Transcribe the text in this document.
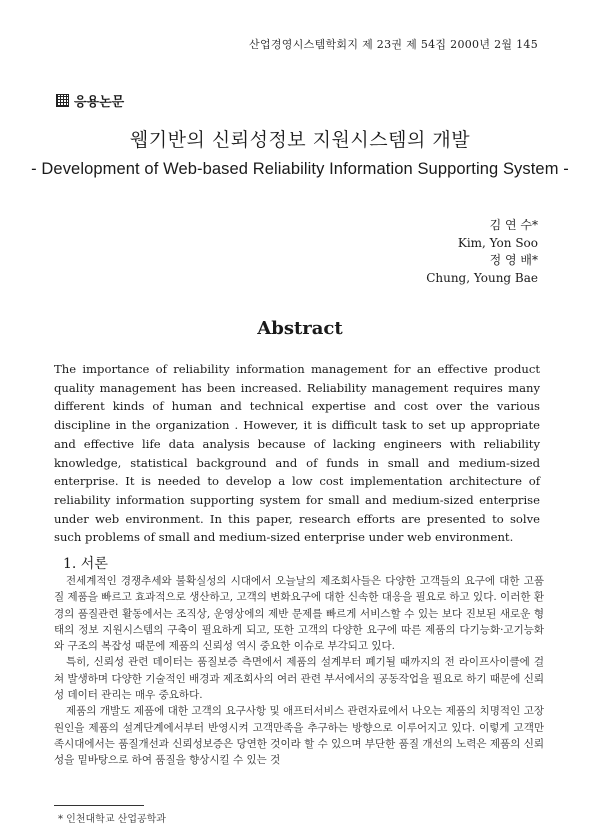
산업경영시스템학회지 제 23권 제 54집 2000년 2월 145
응용논문
웹기반의 신뢰성정보 지원시스템의 개발
- Development of Web-based Reliability Information Supporting System -
김 연 수*
Kim, Yon Soo
정 영 배*
Chung, Young Bae
Abstract

The importance of reliability information management for an effective product quality management has been increased. Reliability management requires many different kinds of human and technical expertise and cost over the various discipline in the organization . However, it is difficult task to set up appropriate and effective life data analysis because of lacking engineers with reliability knowledge, statistical background and of funds in small and medium-sized enterprise. It is needed to develop a low cost implementation architecture of reliability information supporting system for small and medium-sized enterprise under web environment. In this paper, research efforts are presented to solve such problems of small and medium-sized enterprise under web environment.

1. 서론

전세계적인 경쟁추세와 불확실성의 시대에서 오늘날의 제조회사들은 다양한 고객들의 요구에 대한 고품질 제품을 빠르고 효과적으로 생산하고, 고객의 변화요구에 대한 신속한 대응을 필요로 하고 있다. 이러한 환경의 품질관련 활동에서는 조직상, 운영상에의 제반 문제를 빠르게 서비스할 수 있는 보다 진보된 새로운 형태의 정보 지원시스템의 구축이 필요하게 되고, 또한 고객의 다양한 요구에 따른 제품의 다기능화·고기능화와 구조의 복잡성 때문에 제품의 신뢰성 역시 중요한 이슈로 부각되고 있다.

특히, 신뢰성 관련 데이터는 품질보증 측면에서 제품의 설계부터 폐기될 때까지의 전 라이프사이클에 걸쳐 발생하며 다양한 기술적인 배경과 제조회사의 여러 관련 부서에서의 공동작업을 필요로 하기 때문에 신뢰성 데이터 관리는 매우 중요하다.

제품의 개발도 제품에 대한 고객의 요구사항 및 애프터서비스 관련자료에서 나오는 제품의 치명적인 고장원인을 제품의 설계단계에서부터 반영시켜 고객만족을 추구하는 방향으로 이루어지고 있다. 이렇게 고객만족시대에서는 품질개선과 신뢰성보증은 당연한 것이라 할 수 있으며 부단한 품질 개선의 노력은 제품의 신뢰성을 밑바탕으로 하여 품질을 향상시킬 수 있는 것

* 인천대학교 산업공학과
